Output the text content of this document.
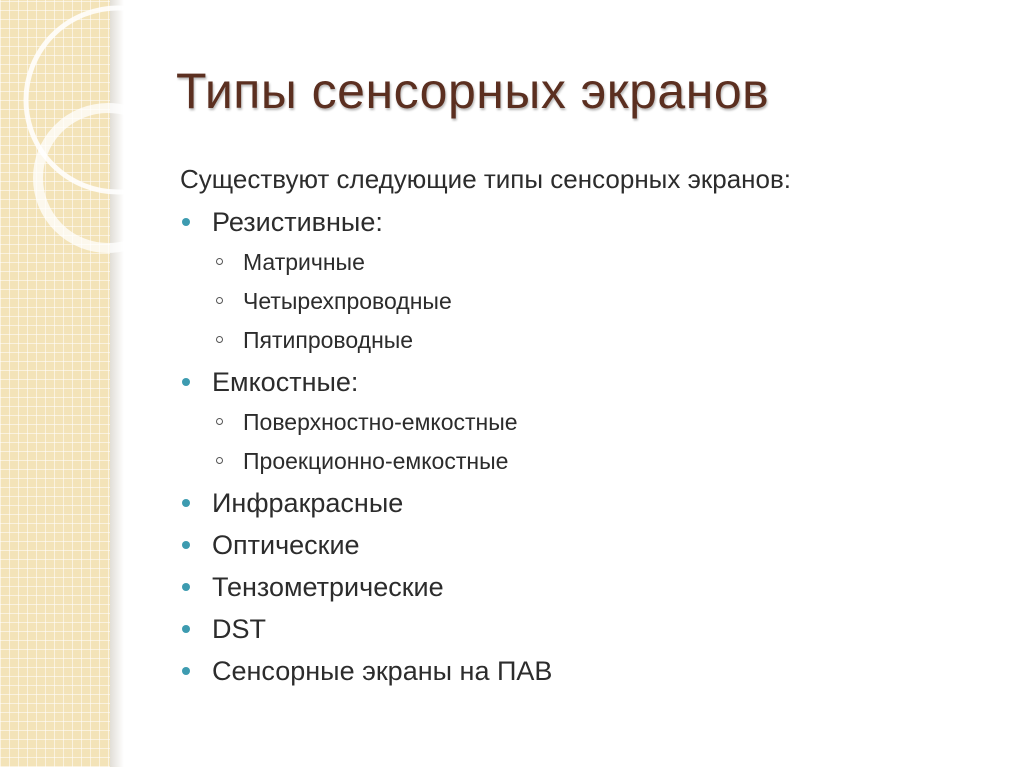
Типы сенсорных экранов
Существуют следующие типы сенсорных экранов:
Резистивные:
Матричные
Четырехпроводные
Пятипроводные
Емкостные:
Поверхностно-емкостные
Проекционно-емкостные
Инфракрасные
Оптические
Тензометрические
DST
Сенсорные экраны на ПАВ
